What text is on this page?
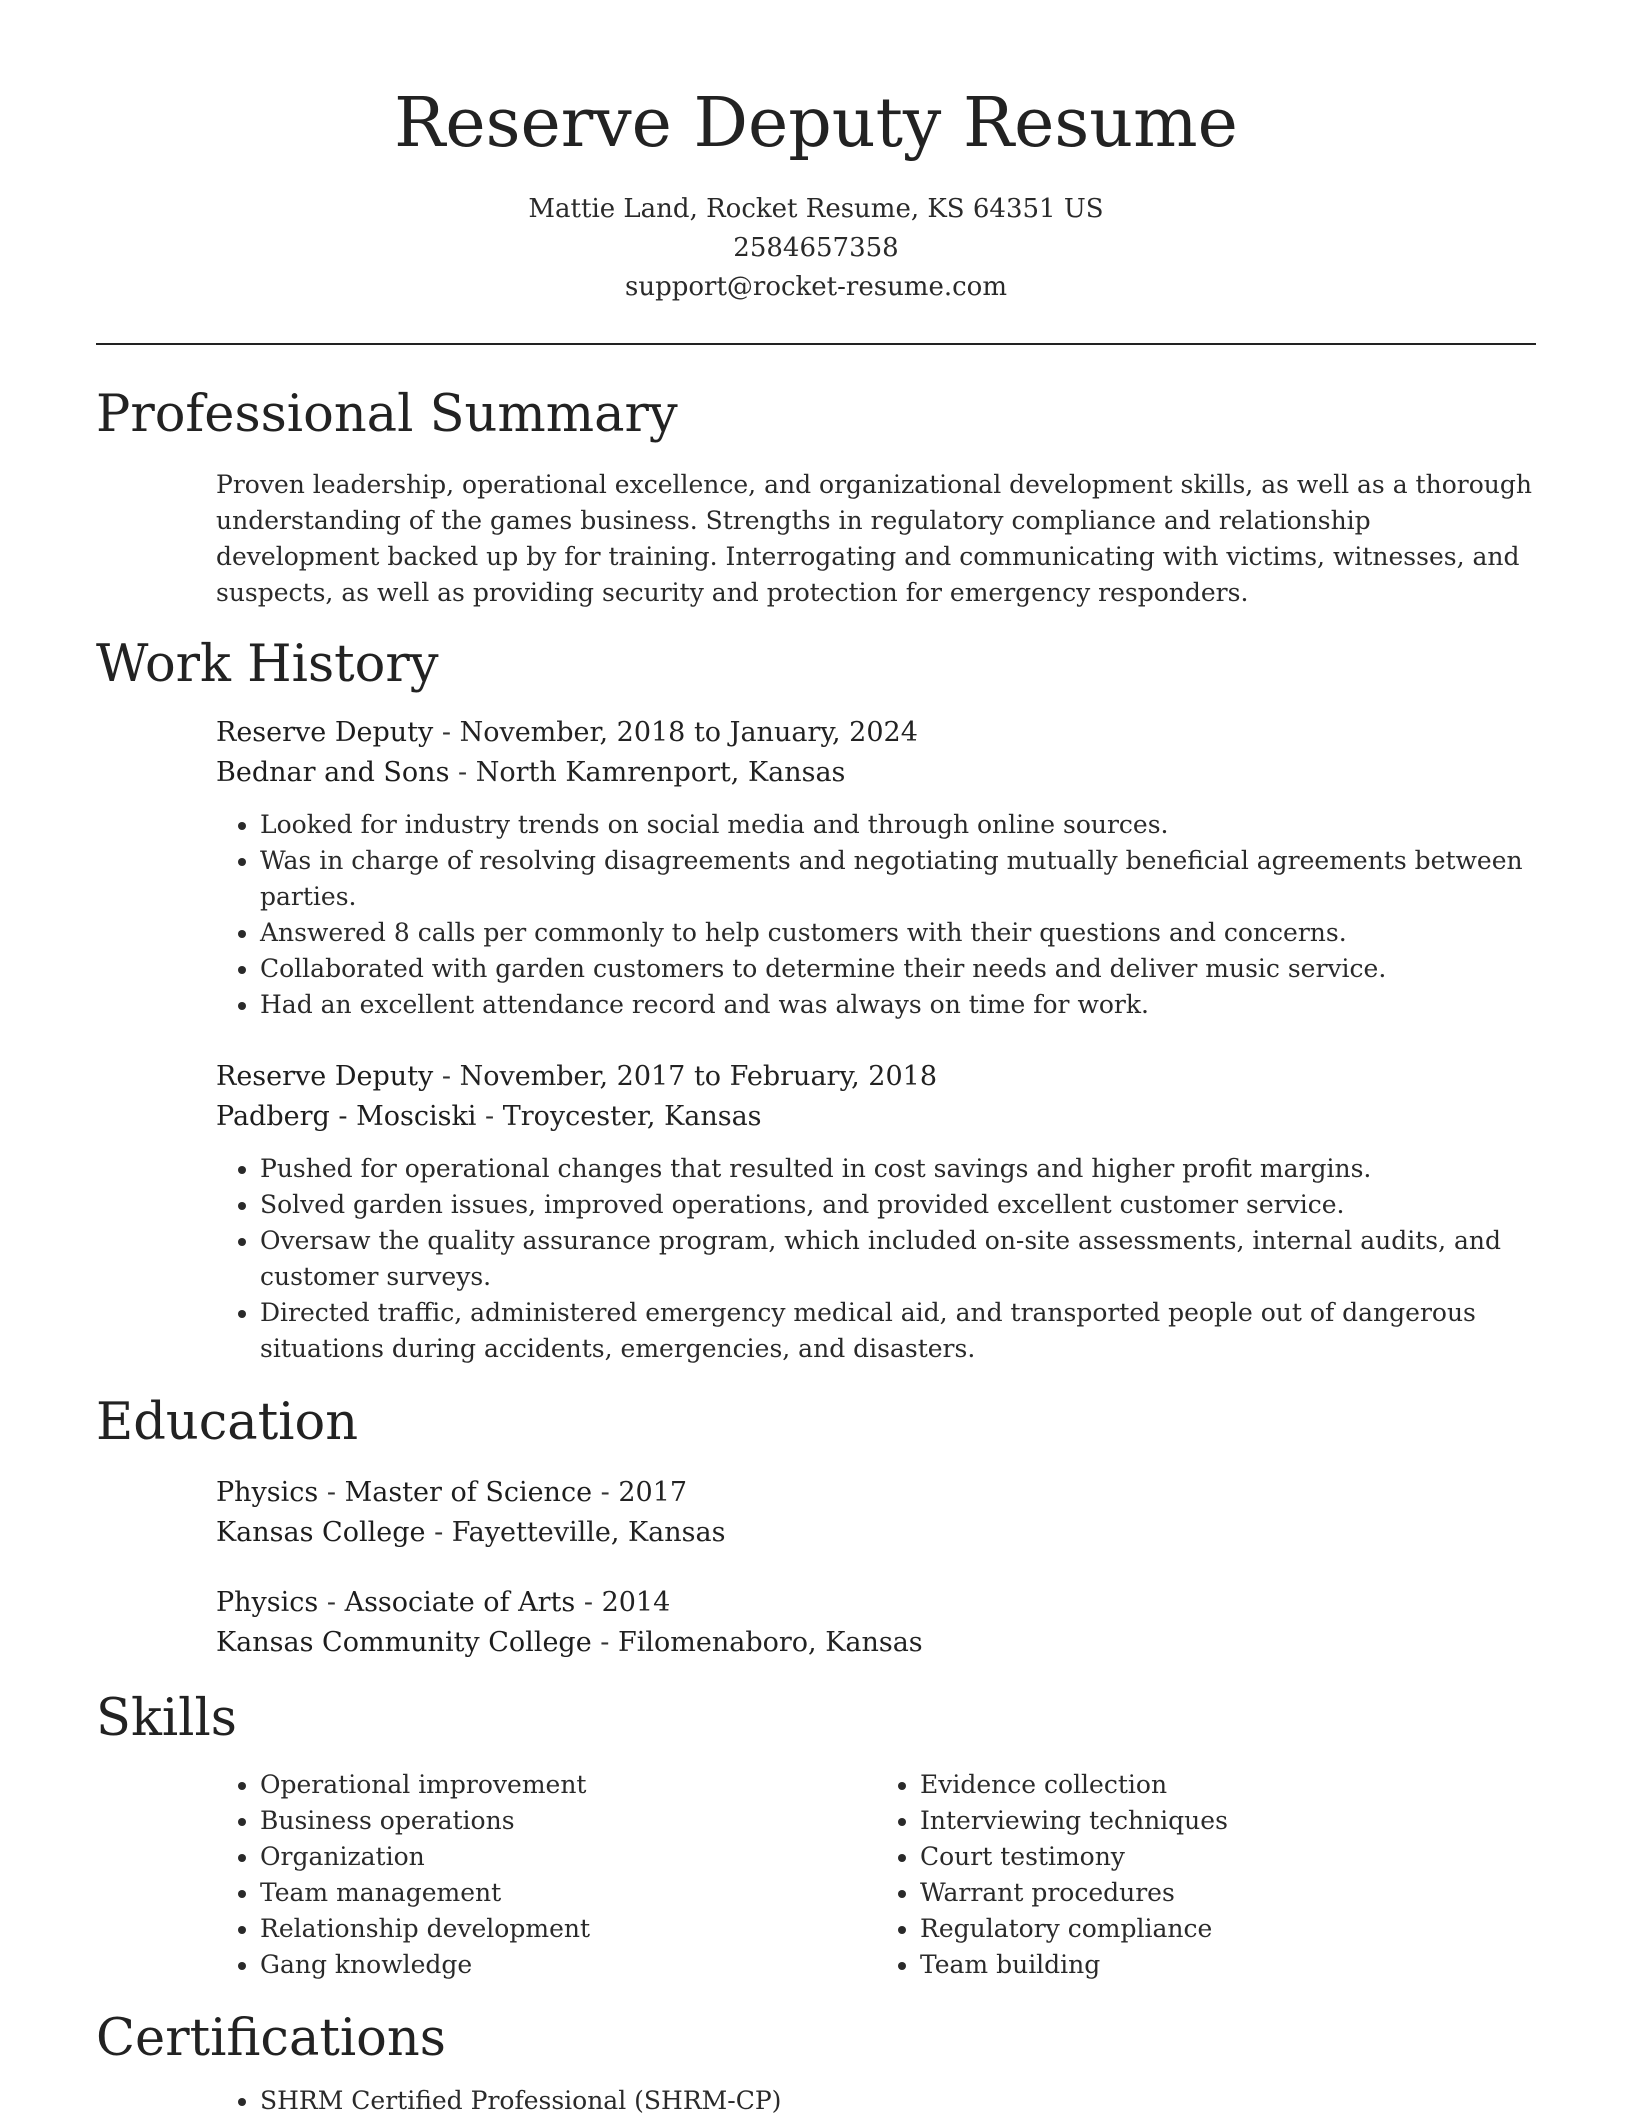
Reserve Deputy Resume
Mattie Land, Rocket Resume, KS 64351 US
2584657358
support@rocket-resume.com
Professional Summary
Proven leadership, operational excellence, and organizational development skills, as well as a thorough understanding of the games business. Strengths in regulatory compliance and relationship development backed up by for training. Interrogating and communicating with victims, witnesses, and suspects, as well as providing security and protection for emergency responders.
Work History
Reserve Deputy - November, 2018 to January, 2024
Bednar and Sons - North Kamrenport, Kansas
• Looked for industry trends on social media and through online sources.
• Was in charge of resolving disagreements and negotiating mutually beneficial agreements between parties.
• Answered 8 calls per commonly to help customers with their questions and concerns.
• Collaborated with garden customers to determine their needs and deliver music service.
• Had an excellent attendance record and was always on time for work.
Reserve Deputy - November, 2017 to February, 2018
Padberg - Mosciski - Troycester, Kansas
• Pushed for operational changes that resulted in cost savings and higher profit margins.
• Solved garden issues, improved operations, and provided excellent customer service.
• Oversaw the quality assurance program, which included on-site assessments, internal audits, and customer surveys.
• Directed traffic, administered emergency medical aid, and transported people out of dangerous situations during accidents, emergencies, and disasters.
Education
Physics - Master of Science - 2017
Kansas College - Fayetteville, Kansas
Physics - Associate of Arts - 2014
Kansas Community College - Filomenaboro, Kansas
Skills
• Operational improvement
• Business operations
• Organization
• Team management
• Relationship development
• Gang knowledge
• Evidence collection
• Interviewing techniques
• Court testimony
• Warrant procedures
• Regulatory compliance
• Team building
Certifications
• SHRM Certified Professional (SHRM-CP)
